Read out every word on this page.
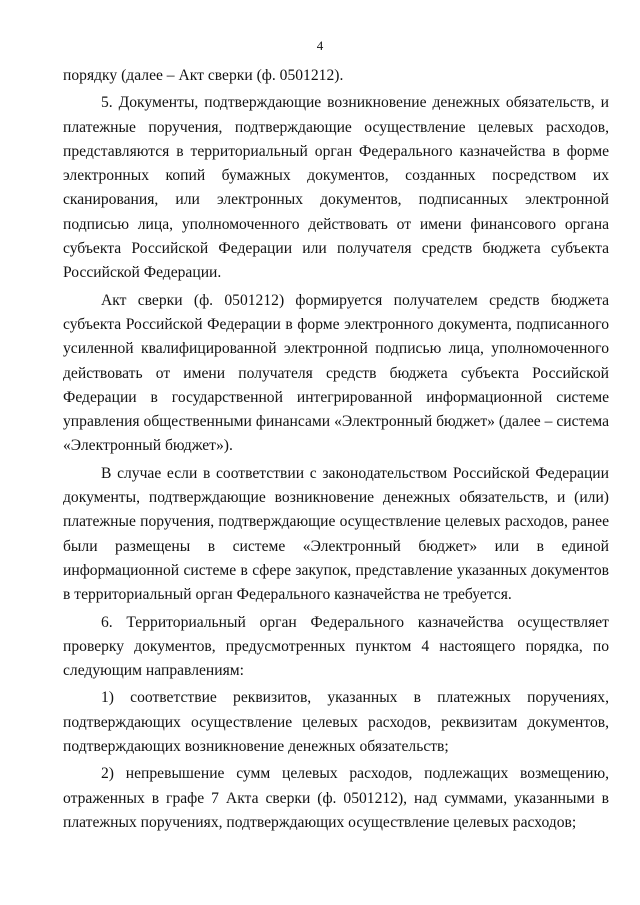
4

порядку (далее – Акт сверки (ф. 0501212).

5. Документы, подтверждающие возникновение денежных обязательств, и платежные поручения, подтверждающие осуществление целевых расходов, представляются в территориальный орган Федерального казначейства в форме электронных копий бумажных документов, созданных посредством их сканирования, или электронных документов, подписанных электронной подписью лица, уполномоченного действовать от имени финансового органа субъекта Российской Федерации или получателя средств бюджета субъекта Российской Федерации.

Акт сверки (ф. 0501212) формируется получателем средств бюджета субъекта Российской Федерации в форме электронного документа, подписанного усиленной квалифицированной электронной подписью лица, уполномоченного действовать от имени получателя средств бюджета субъекта Российской Федерации в государственной интегрированной информационной системе управления общественными финансами «Электронный бюджет» (далее – система «Электронный бюджет»).

В случае если в соответствии с законодательством Российской Федерации документы, подтверждающие возникновение денежных обязательств, и (или) платежные поручения, подтверждающие осуществление целевых расходов, ранее были размещены в системе «Электронный бюджет» или в единой информационной системе в сфере закупок, представление указанных документов в территориальный орган Федерального казначейства не требуется.

6. Территориальный орган Федерального казначейства осуществляет проверку документов, предусмотренных пунктом 4 настоящего порядка, по следующим направлениям:

1) соответствие реквизитов, указанных в платежных поручениях, подтверждающих осуществление целевых расходов, реквизитам документов, подтверждающих возникновение денежных обязательств;

2) непревышение сумм целевых расходов, подлежащих возмещению, отраженных в графе 7 Акта сверки (ф. 0501212), над суммами, указанными в платежных поручениях, подтверждающих осуществление целевых расходов;
